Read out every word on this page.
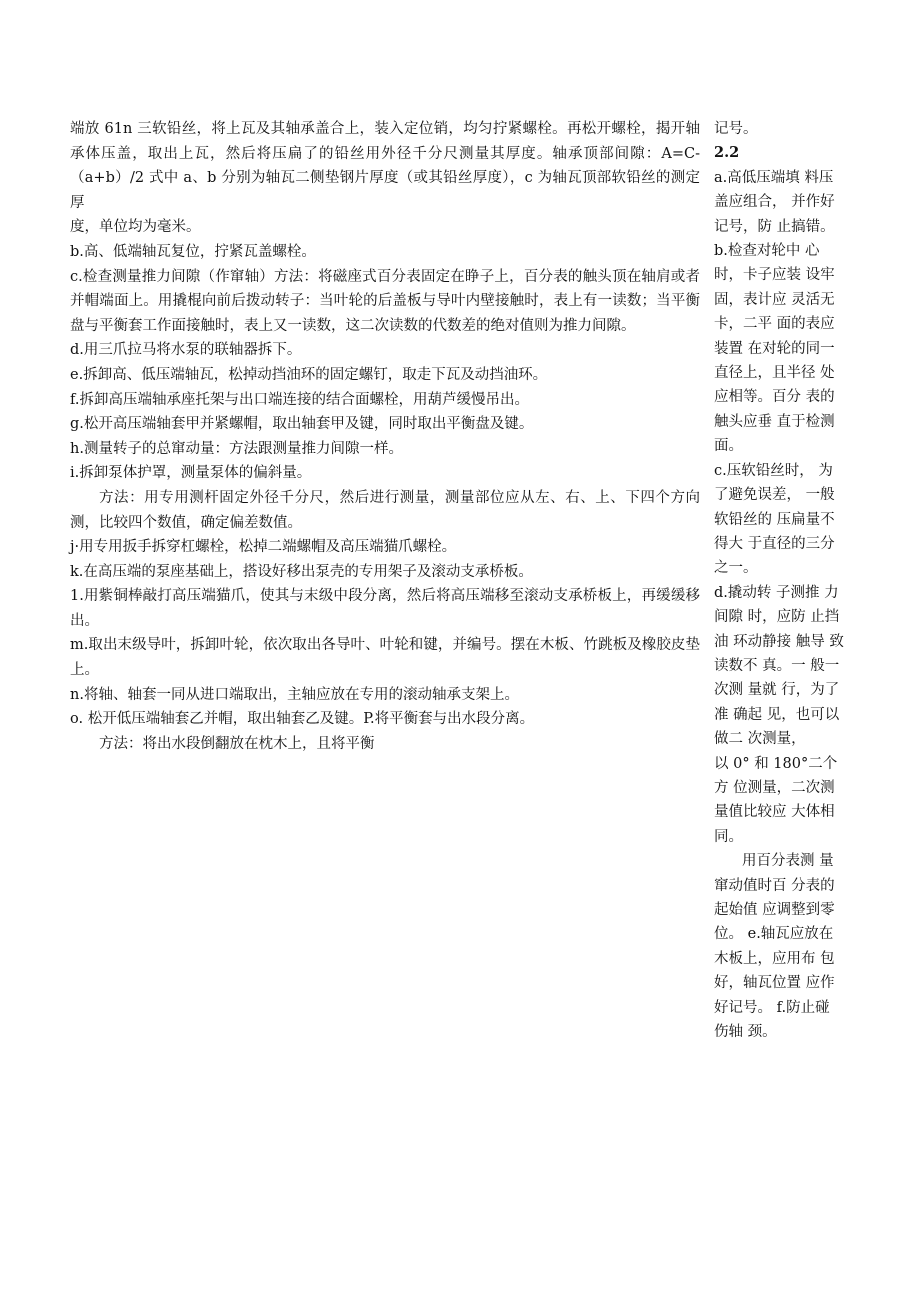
端放 61n 三软铅丝，将上瓦及其轴承盖合上，装入定位销，均匀拧紧螺栓。再松开螺栓，揭开轴承体压盖，取出上瓦，然后将压扁了的铅丝用外径千分尺测量其厚度。轴承顶部间隙：A=C-（a+b）/2 式中 a、b 分别为轴瓦二侧垫钢片厚度（或其铅丝厚度），c 为轴瓦顶部软铅丝的测定厚

度，单位均为毫米。

b.高、低端轴瓦复位，拧紧瓦盖螺栓。

c.检查测量推力间隙（作窜轴）方法：将磁座式百分表固定在睁子上，百分表的触头顶在轴肩或者并帽端面上。用撬棍向前后拨动转子：当叶轮的后盖板与导叶内壁接触时，表上有一读数；当平衡盘与平衡套工作面接触时，表上又一读数，这二次读数的代数差的绝对值则为推力间隙。

d.用三爪拉马将水泵的联轴器拆下。

e.拆卸高、低压端轴瓦，松掉动挡油环的固定螺钉，取走下瓦及动挡油环。

f.拆卸高压端轴承座托架与出口端连接的结合面螺栓，用葫芦缓慢吊出。

g.松开高压端轴套甲并紧螺帽，取出轴套甲及键，同时取出平衡盘及键。

h.测量转子的总窜动量：方法跟测量推力间隙一样。

i.拆卸泵体护罩，测量泵体的偏斜量。

方法：用专用测杆固定外径千分尺，然后进行测量，测量部位应从左、右、上、下四个方向测，比较四个数值，确定偏差数值。

j·用专用扳手拆穿杠螺栓，松掉二端螺帽及高压端猫爪螺栓。

k.在高压端的泵座基础上，搭设好移出泵壳的专用架子及滚动支承桥板。

1.用紫铜棒敲打高压端猫爪，使其与末级中段分离，然后将高压端移至滚动支承桥板上，再缓缓移出。

m.取出末级导叶，拆卸叶轮，依次取出各导叶、叶轮和键，并编号。摆在木板、竹跳板及橡胶皮垫上。

n.将轴、轴套一同从进口端取出，主轴应放在专用的滚动轴承支架上。

o. 松开低压端轴套乙并帽，取出轴套乙及键。P.将平衡套与出水段分离。

方法：将出水段倒翻放在枕木上，且将平衡

记号。

2.2

a.高低压端填 料压盖应组合， 并作好记号，防 止搞错。

b.检查对轮中 心时，卡子应装 设牢固，表计应 灵活无卡，二平 面的表应装置 在对轮的同一 直径上，且半径 处应相等。百分 表的触头应垂 直于检测面。

c.压软铅丝时， 为了避免误差， 一般软铅丝的 压扁量不得大 于直径的三分 之一。

d.撬动转 子测推 力间隙 时，应防 止挡油 环动静接 触导 致读数不 真。一 般一次测 量就 行，为了准 确起 见，也可以 做二 次测量，

以 0° 和 180°二个方 位测量，二次测 量值比较应 大体相同。

用百分表测 量窜动值时百 分表的起始值 应调整到零位。 e.轴瓦应放在 木板上，应用布 包好，轴瓦位置 应作好记号。 f.防止碰伤轴 颈。
